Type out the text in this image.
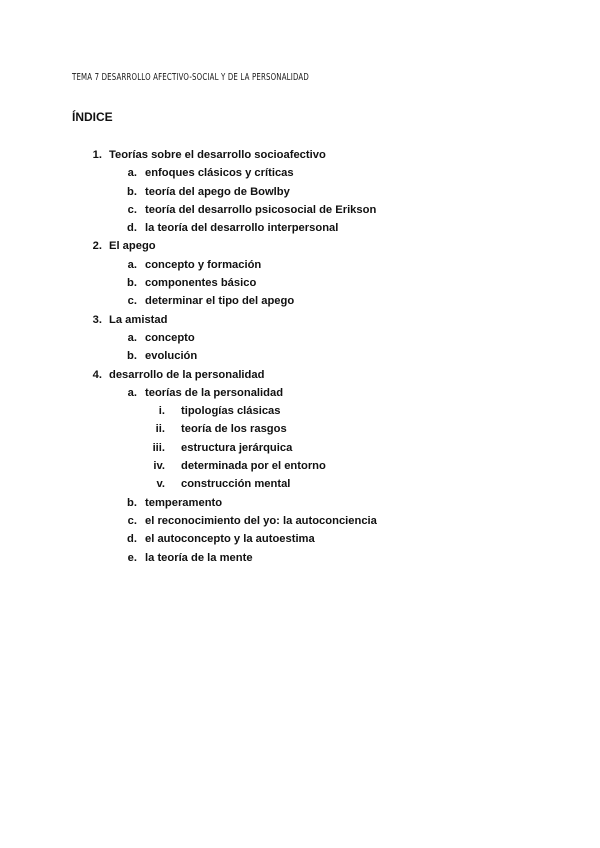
TEMA 7 DESARROLLO AFECTIVO-SOCIAL Y DE LA PERSONALIDAD
ÍNDICE
1. Teorías sobre el desarrollo socioafectivo
a. enfoques clásicos y críticas
b. teoría del apego de Bowlby
c. teoría del desarrollo psicosocial de Erikson
d. la teoría del desarrollo interpersonal
2. El apego
a. concepto y formación
b. componentes básico
c. determinar el tipo del apego
3. La amistad
a. concepto
b. evolución
4. desarrollo de la personalidad
a. teorías de la personalidad
i. tipologías clásicas
ii. teoría de los rasgos
iii. estructura jerárquica
iv. determinada por el entorno
v. construcción mental
b. temperamento
c. el reconocimiento del yo: la autoconciencia
d. el autoconcepto y la autoestima
e. la teoría de la mente
